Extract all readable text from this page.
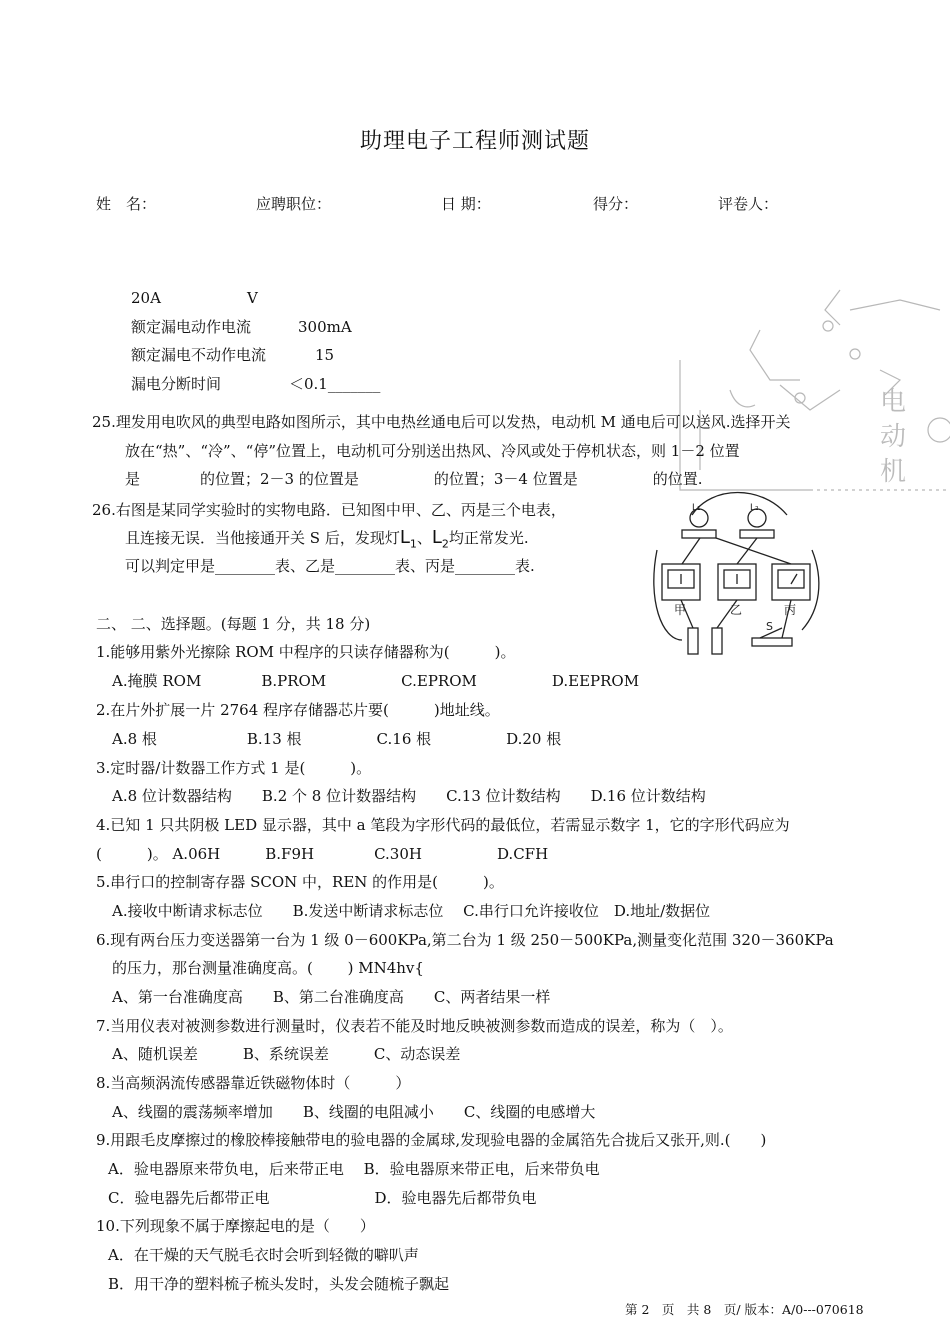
助理电子工程师测试题
姓　名：	应聘职位：	日 期：	得分：	评卷人：
20A	V
额定漏电动作电流	300mA
额定漏电不动作电流	15
漏电分断时间	＜0.1_______
电
动
机
25.理发用电吹风的典型电路如图所示，其中电热丝通电后可以发热，电动机 M 通电后可以送风.选择开关
放在“热”、“冷”、“停”位置上，电动机可分别送出热风、冷风或处于停机状态，则 1－2 位置
是　　　　的位置；2－3 的位置是　　　　　的位置；3－4 位置是　　　　　的位置.
26.右图是某同学实验时的实物电路．已知图中甲、乙、丙是三个电表，
且连接无误．当他接通开关 S 后，发现灯$L_1$、$L_2$均正常发光.
可以判定甲是________表、乙是________表、丙是________表.
L₁	L₂
甲	乙	丙
S
二、 二、选择题。(每题 1 分，共 18 分)
1.能够用紫外光擦除 ROM 中程序的只读存储器称为(　　　)。
A.掩膜 ROM　　　　B.PROM　　　　　C.EPROM　　　　　D.EEPROM
2.在片外扩展一片 2764 程序存储器芯片要(　　　)地址线。
A.8 根　　　　　　B.13 根　　　　　C.16 根　　　　　D.20 根
3.定时器/计数器工作方式 1 是(　　　)。
A.8 位计数器结构　　B.2 个 8 位计数器结构　　C.13 位计数结构　　D.16 位计数结构
4.已知 1 只共阴极 LED 显示器，其中 a 笔段为字形代码的最低位，若需显示数字 1，它的字形代码应为
(　　　)。 A.06H　　　B.F9H　　　　C.30H　　　　　D.CFH
5.串行口的控制寄存器 SCON 中，REN 的作用是(　　　)。
A.接收中断请求标志位　　B.发送中断请求标志位　 C.串行口允许接收位　D.地址/数据位
6.现有两台压力变送器第一台为 1 级 0－600KPa,第二台为 1 级 250－500KPa,测量变化范围 320－360KPa
的压力，那台测量准确度高。(　　 ) MN4hv{
A、第一台准确度高　　B、第二台准确度高　　C、两者结果一样
7.当用仪表对被测参数进行测量时，仪表若不能及时地反映被测参数而造成的误差，称为（　）。
A、随机误差　　　B、系统误差　　　C、动态误差
8.当高频涡流传感器靠近铁磁物体时（　　　）
A、线圈的震荡频率增加　　B、线圈的电阻减小　　C、线圈的电感增大
9.用跟毛皮摩擦过的橡胶棒接触带电的验电器的金属球,发现验电器的金属箔先合拢后又张开,则.(　　)
A．验电器原来带负电，后来带正电　 B．验电器原来带正电，后来带负电
C．验电器先后都带正电　　　　　　　D．验电器先后都带负电
10.下列现象不属于摩擦起电的是（　　）
A．在干燥的天气脱毛衣时会听到轻微的噼叭声
B．用干净的塑料梳子梳头发时，头发会随梳子飘起
第 2　页　共 8　页/ 版本：A/0---070618
